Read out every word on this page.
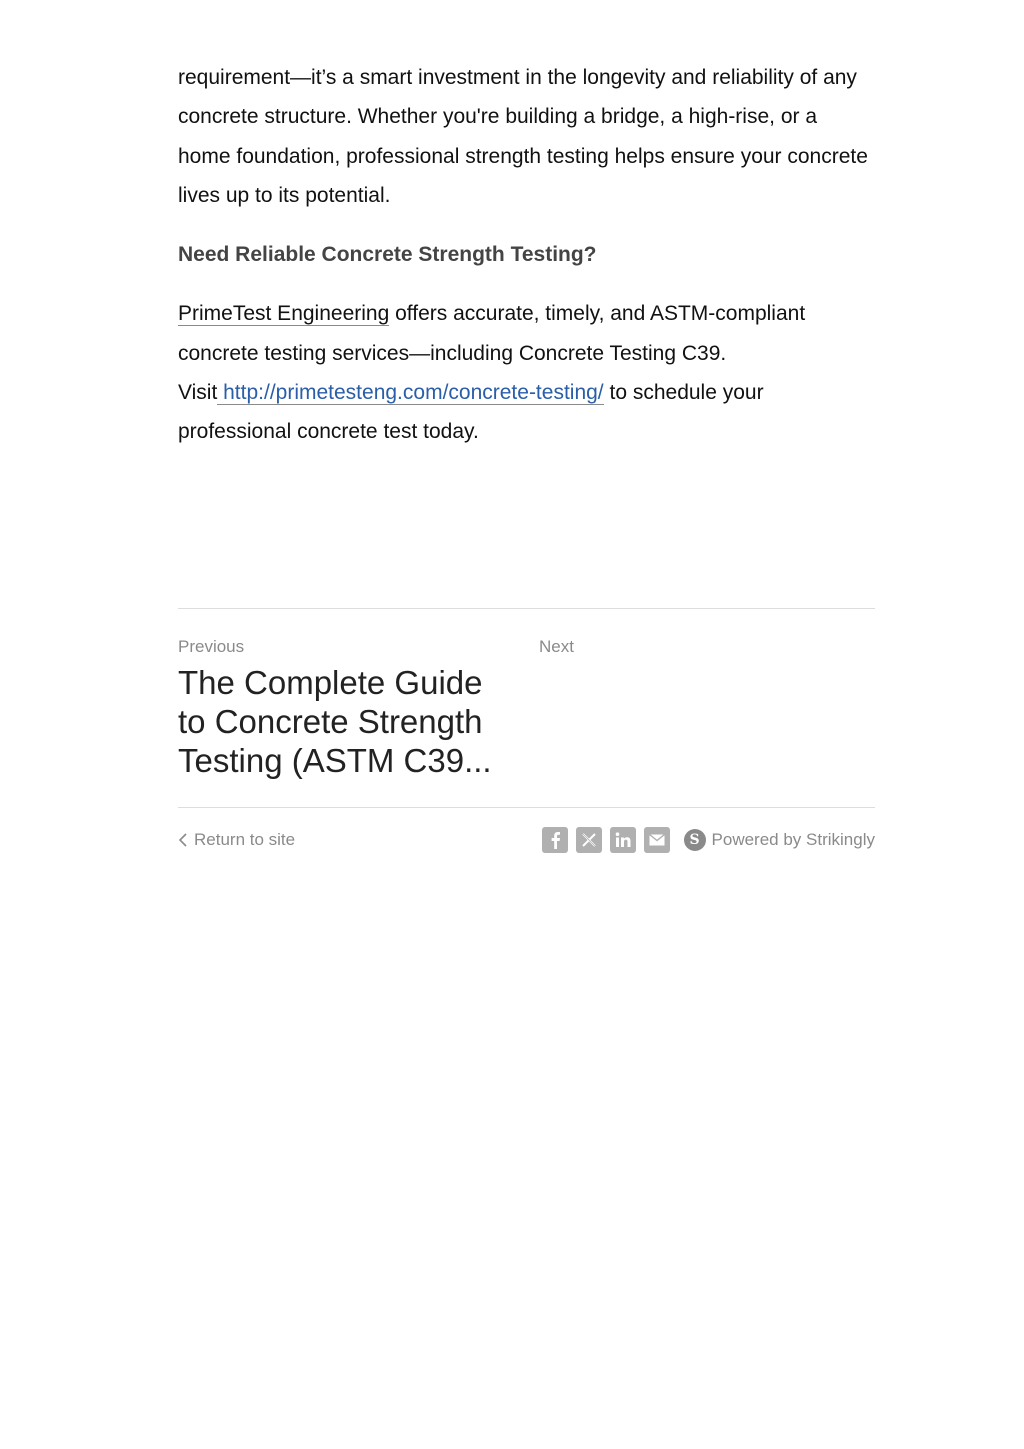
requirement—it’s a smart investment in the longevity and reliability of any concrete structure. Whether you're building a bridge, a high-rise, or a home foundation, professional strength testing helps ensure your concrete lives up to its potential.

Need Reliable Concrete Strength Testing?

PrimeTest Engineering offers accurate, timely, and ASTM-compliant concrete testing services—including Concrete Testing C39.
Visit http://primetesteng.com/concrete-testing/ to schedule your professional concrete test today.

Previous
The Complete Guide to Concrete Strength Testing (ASTM C39...
Next
Return to site	S Powered by Strikingly
